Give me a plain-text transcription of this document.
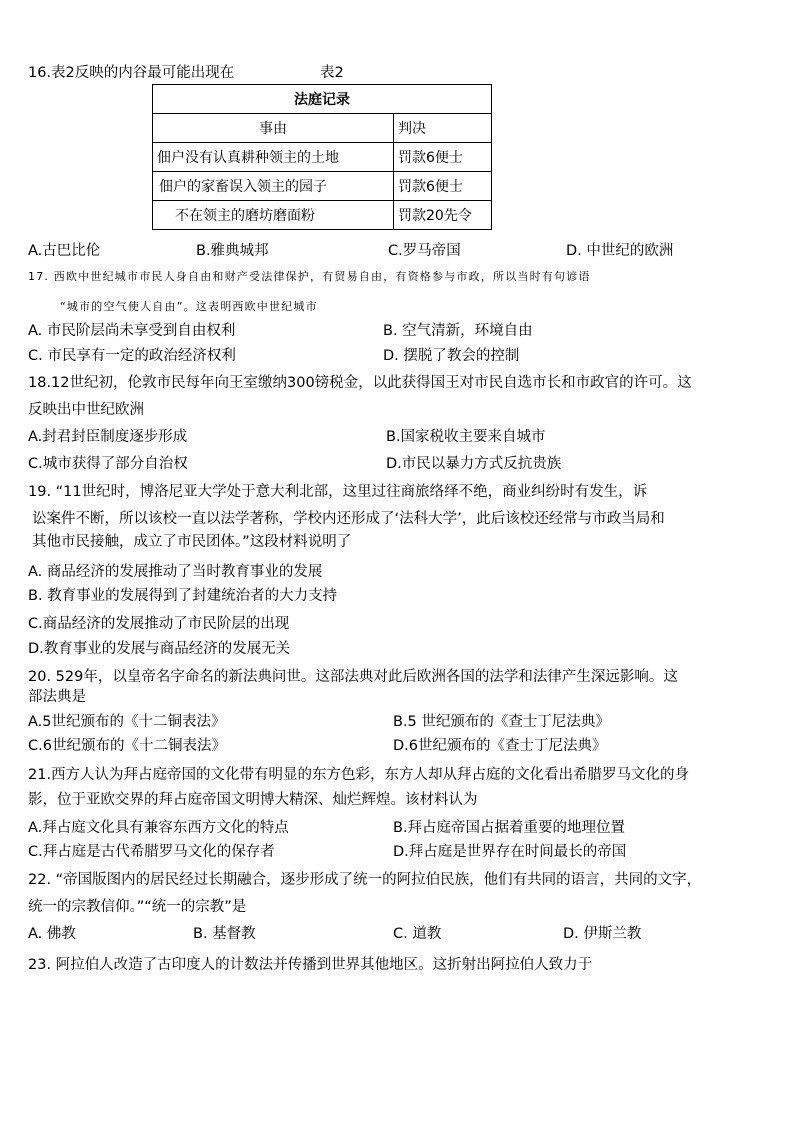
16.表2反映的内谷最可能出现在	表2
法庭记录	
事由	判决
佃户没有认真耕种领主的土地	罚款6便士
佃户的家畜误入领主的园子	罚款6便士
不在领主的磨坊磨面粉	罚款20先令
A.古巴比伦	B.雅典城邦	C.罗马帝国	D. 中世纪的欧洲
17. 西欧中世纪城市市民人身自由和财产受法律保护，有贸易自由，有资格参与市政，所以当时有句谚语
“城市的空气使人自由”。这表明西欧中世纪城市
A. 市民阶层尚未享受到自由权利	B. 空气清新，环境自由
C. 市民享有一定的政治经济权利	D. 摆脱了教会的控制
18.12世纪初，伦敦市民每年向王室缴纳300镑税金，以此获得国王对市民自选市长和市政官的许可。这
反映出中世纪欧洲
A.封君封臣制度逐步形成	B.国家税收主要来自城市
C.城市获得了部分自治权	D.市民以暴力方式反抗贵族
19. “11世纪时，博洛尼亚大学处于意大利北部，这里过往商旅络绎不绝，商业纠纷时有发生，诉
讼案件不断，所以该校一直以法学著称，学校内还形成了‘法科大学’，此后该校还经常与市政当局和
其他市民接触，成立了市民团体。”这段材料说明了
A. 商品经济的发展推动了当时教育事业的发展
B. 教育事业的发展得到了封建统治者的大力支持
C.商品经济的发展推动了市民阶层的出现
D.教育事业的发展与商品经济的发展无关
20. 529年，以皇帝名字命名的新法典问世。这部法典对此后欧洲各国的法学和法律产生深远影响。这
部法典是
A.5世纪颁布的《十二铜表法》	B.5 世纪颁布的《查士丁尼法典》
C.6世纪颁布的《十二铜表法》	D.6世纪颁布的《查士丁尼法典》
21.西方人认为拜占庭帝国的文化带有明显的东方色彩，东方人却从拜占庭的文化看出希腊罗马文化的身
影，位于亚欧交界的拜占庭帝国文明博大精深、灿烂辉煌。该材料认为
A.拜占庭文化具有兼容东西方文化的特点	B.拜占庭帝国占据着重要的地理位置
C.拜占庭是古代希腊罗马文化的保存者	D.拜占庭是世界存在时间最长的帝国
22. “帝国版图内的居民经过长期融合，逐步形成了统一的阿拉伯民族，他们有共同的语言，共同的文字，
统一的宗教信仰。”“统一的宗教”是
A. 佛教	B. 基督教	C. 道教	D. 伊斯兰教
23. 阿拉伯人改造了古印度人的计数法并传播到世界其他地区。这折射出阿拉伯人致力于
